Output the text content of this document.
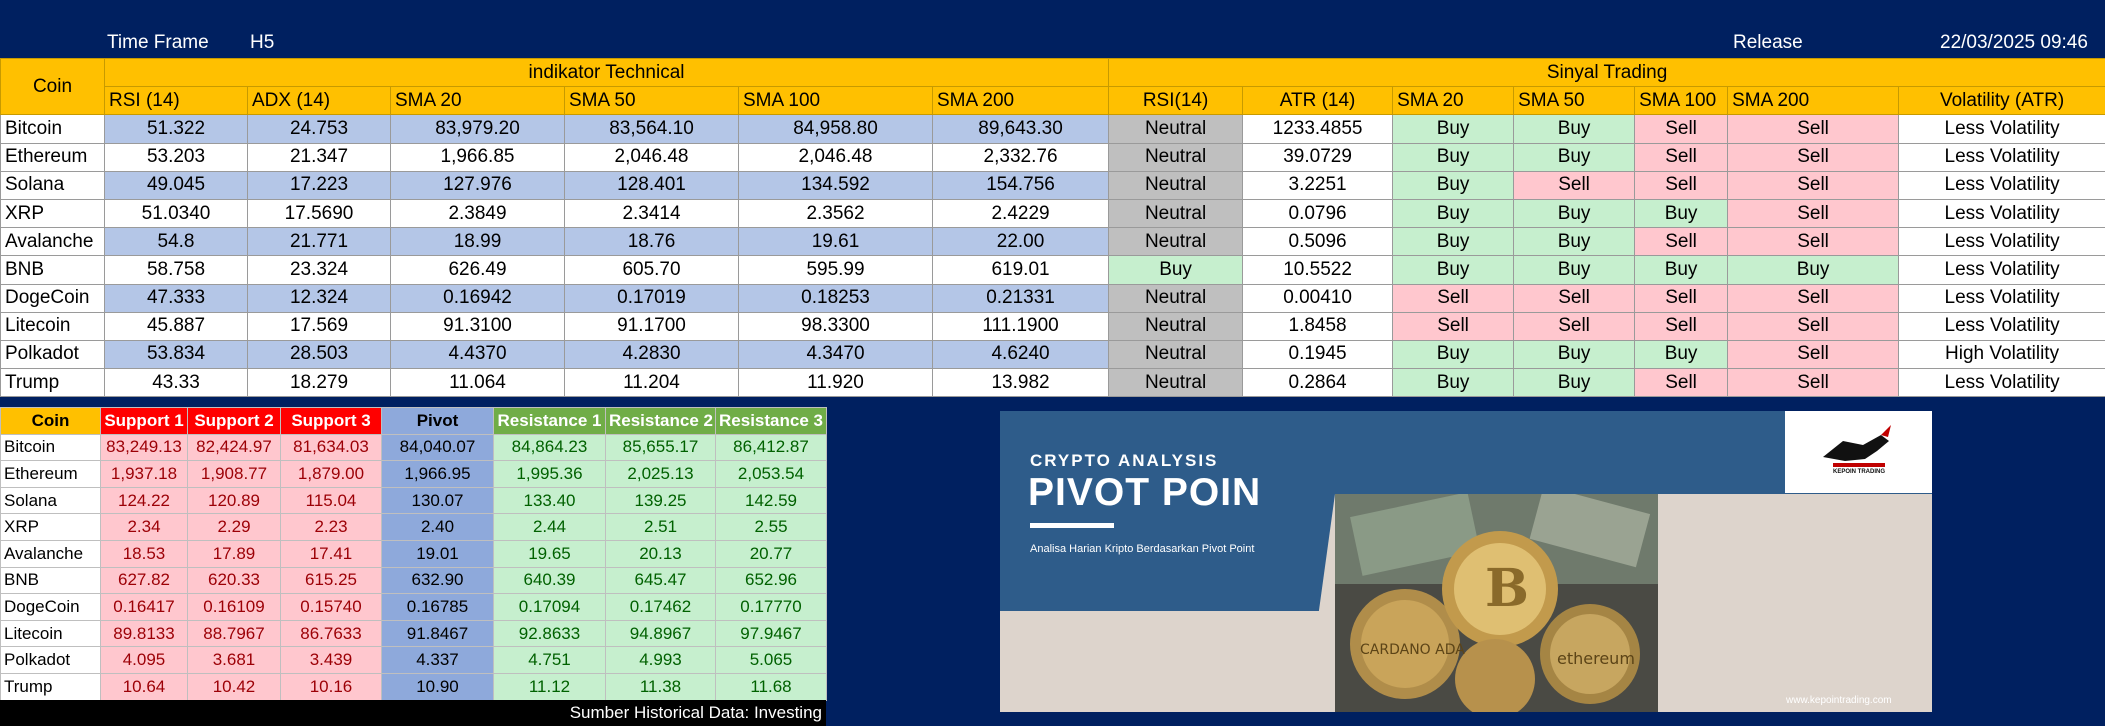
Time Frame H5	Release	22/03/2025 09:46
Coin	indikator Technical						Sinyal Trading						
	RSI (14)	ADX (14)	SMA 20	SMA 50	SMA 100	SMA 200	RSI(14)	ATR (14)	SMA 20	SMA 50	SMA 100	SMA 200	Volatility (ATR)
Bitcoin	51.322	24.753	83,979.20	83,564.10	84,958.80	89,643.30	Neutral	1233.4855	Buy	Buy	Sell	Sell	Less Volatility
Ethereum	53.203	21.347	1,966.85	2,046.48	2,046.48	2,332.76	Neutral	39.0729	Buy	Buy	Sell	Sell	Less Volatility
Solana	49.045	17.223	127.976	128.401	134.592	154.756	Neutral	3.2251	Buy	Sell	Sell	Sell	Less Volatility
XRP	51.0340	17.5690	2.3849	2.3414	2.3562	2.4229	Neutral	0.0796	Buy	Buy	Buy	Sell	Less Volatility
Avalanche	54.8	21.771	18.99	18.76	19.61	22.00	Neutral	0.5096	Buy	Buy	Sell	Sell	Less Volatility
BNB	58.758	23.324	626.49	605.70	595.99	619.01	Buy	10.5522	Buy	Buy	Buy	Buy	Less Volatility
DogeCoin	47.333	12.324	0.16942	0.17019	0.18253	0.21331	Neutral	0.00410	Sell	Sell	Sell	Sell	Less Volatility
Litecoin	45.887	17.569	91.3100	91.1700	98.3300	111.1900	Neutral	1.8458	Sell	Sell	Sell	Sell	Less Volatility
Polkadot	53.834	28.503	4.4370	4.2830	4.3470	4.6240	Neutral	0.1945	Buy	Buy	Buy	Sell	High Volatility
Trump	43.33	18.279	11.064	11.204	11.920	13.982	Neutral	0.2864	Buy	Buy	Sell	Sell	Less Volatility
Coin	Support 1	Support 2	Support 3	Pivot	Resistance 1	Resistance 2	Resistance 3
Bitcoin	83,249.13	82,424.97	81,634.03	84,040.07	84,864.23	85,655.17	86,412.87
Ethereum	1,937.18	1,908.77	1,879.00	1,966.95	1,995.36	2,025.13	2,053.54
Solana	124.22	120.89	115.04	130.07	133.40	139.25	142.59
XRP	2.34	2.29	2.23	2.40	2.44	2.51	2.55
Avalanche	18.53	17.89	17.41	19.01	19.65	20.13	20.77
BNB	627.82	620.33	615.25	632.90	640.39	645.47	652.96
DogeCoin	0.16417	0.16109	0.15740	0.16785	0.17094	0.17462	0.17770
Litecoin	89.8133	88.7967	86.7633	91.8467	92.8633	94.8967	97.9467
Polkadot	4.095	3.681	3.439	4.337	4.751	4.993	5.065
Trump	10.64	10.42	10.16	10.90	11.12	11.38	11.68
Sumber Historical Data: Investing
CRYPTO ANALYSIS
PIVOT POIN
Analisa Harian Kripto Berdasarkan Pivot Point
B
CARDANO ADA	ethereum
KEPOIN TRADING
www.kepointrading.com
